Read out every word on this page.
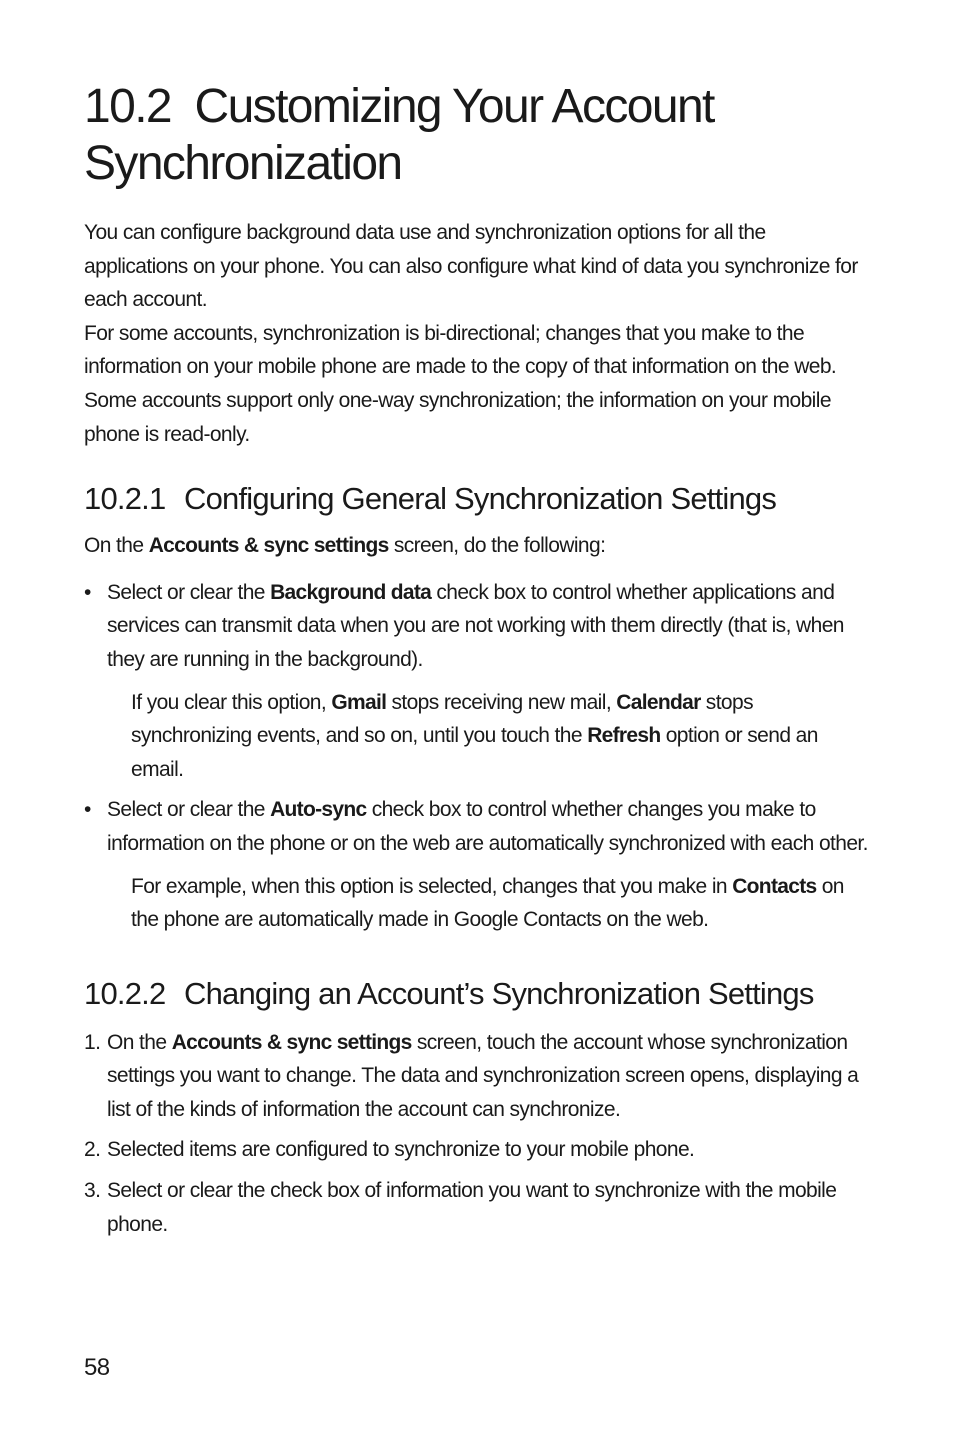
10.2 Customizing Your Account
Synchronization

You can configure background data use and synchronization options for all the applications on your phone. You can also configure what kind of data you synchronize for each account.

For some accounts, synchronization is bi-directional; changes that you make to the information on your mobile phone are made to the copy of that information on the web. Some accounts support only one-way synchronization; the information on your mobile phone is read-only.

10.2.1 Configuring General Synchronization Settings

On the Accounts & sync settings screen, do the following:

• Select or clear the Background data check box to control whether applications and services can transmit data when you are not working with them directly (that is, when they are running in the background).

If you clear this option, Gmail stops receiving new mail, Calendar stops synchronizing events, and so on, until you touch the Refresh option or send an email.

• Select or clear the Auto-sync check box to control whether changes you make to information on the phone or on the web are automatically synchronized with each other.

For example, when this option is selected, changes that you make in Contacts on the phone are automatically made in Google Contacts on the web.

10.2.2 Changing an Account’s Synchronization Settings
1. On the Accounts & sync settings screen, touch the account whose synchronization settings you want to change. The data and synchronization screen opens, displaying a list of the kinds of information the account can synchronize.
2. Selected items are configured to synchronize to your mobile phone.
3. Select or clear the check box of information you want to synchronize with the mobile phone.

58
